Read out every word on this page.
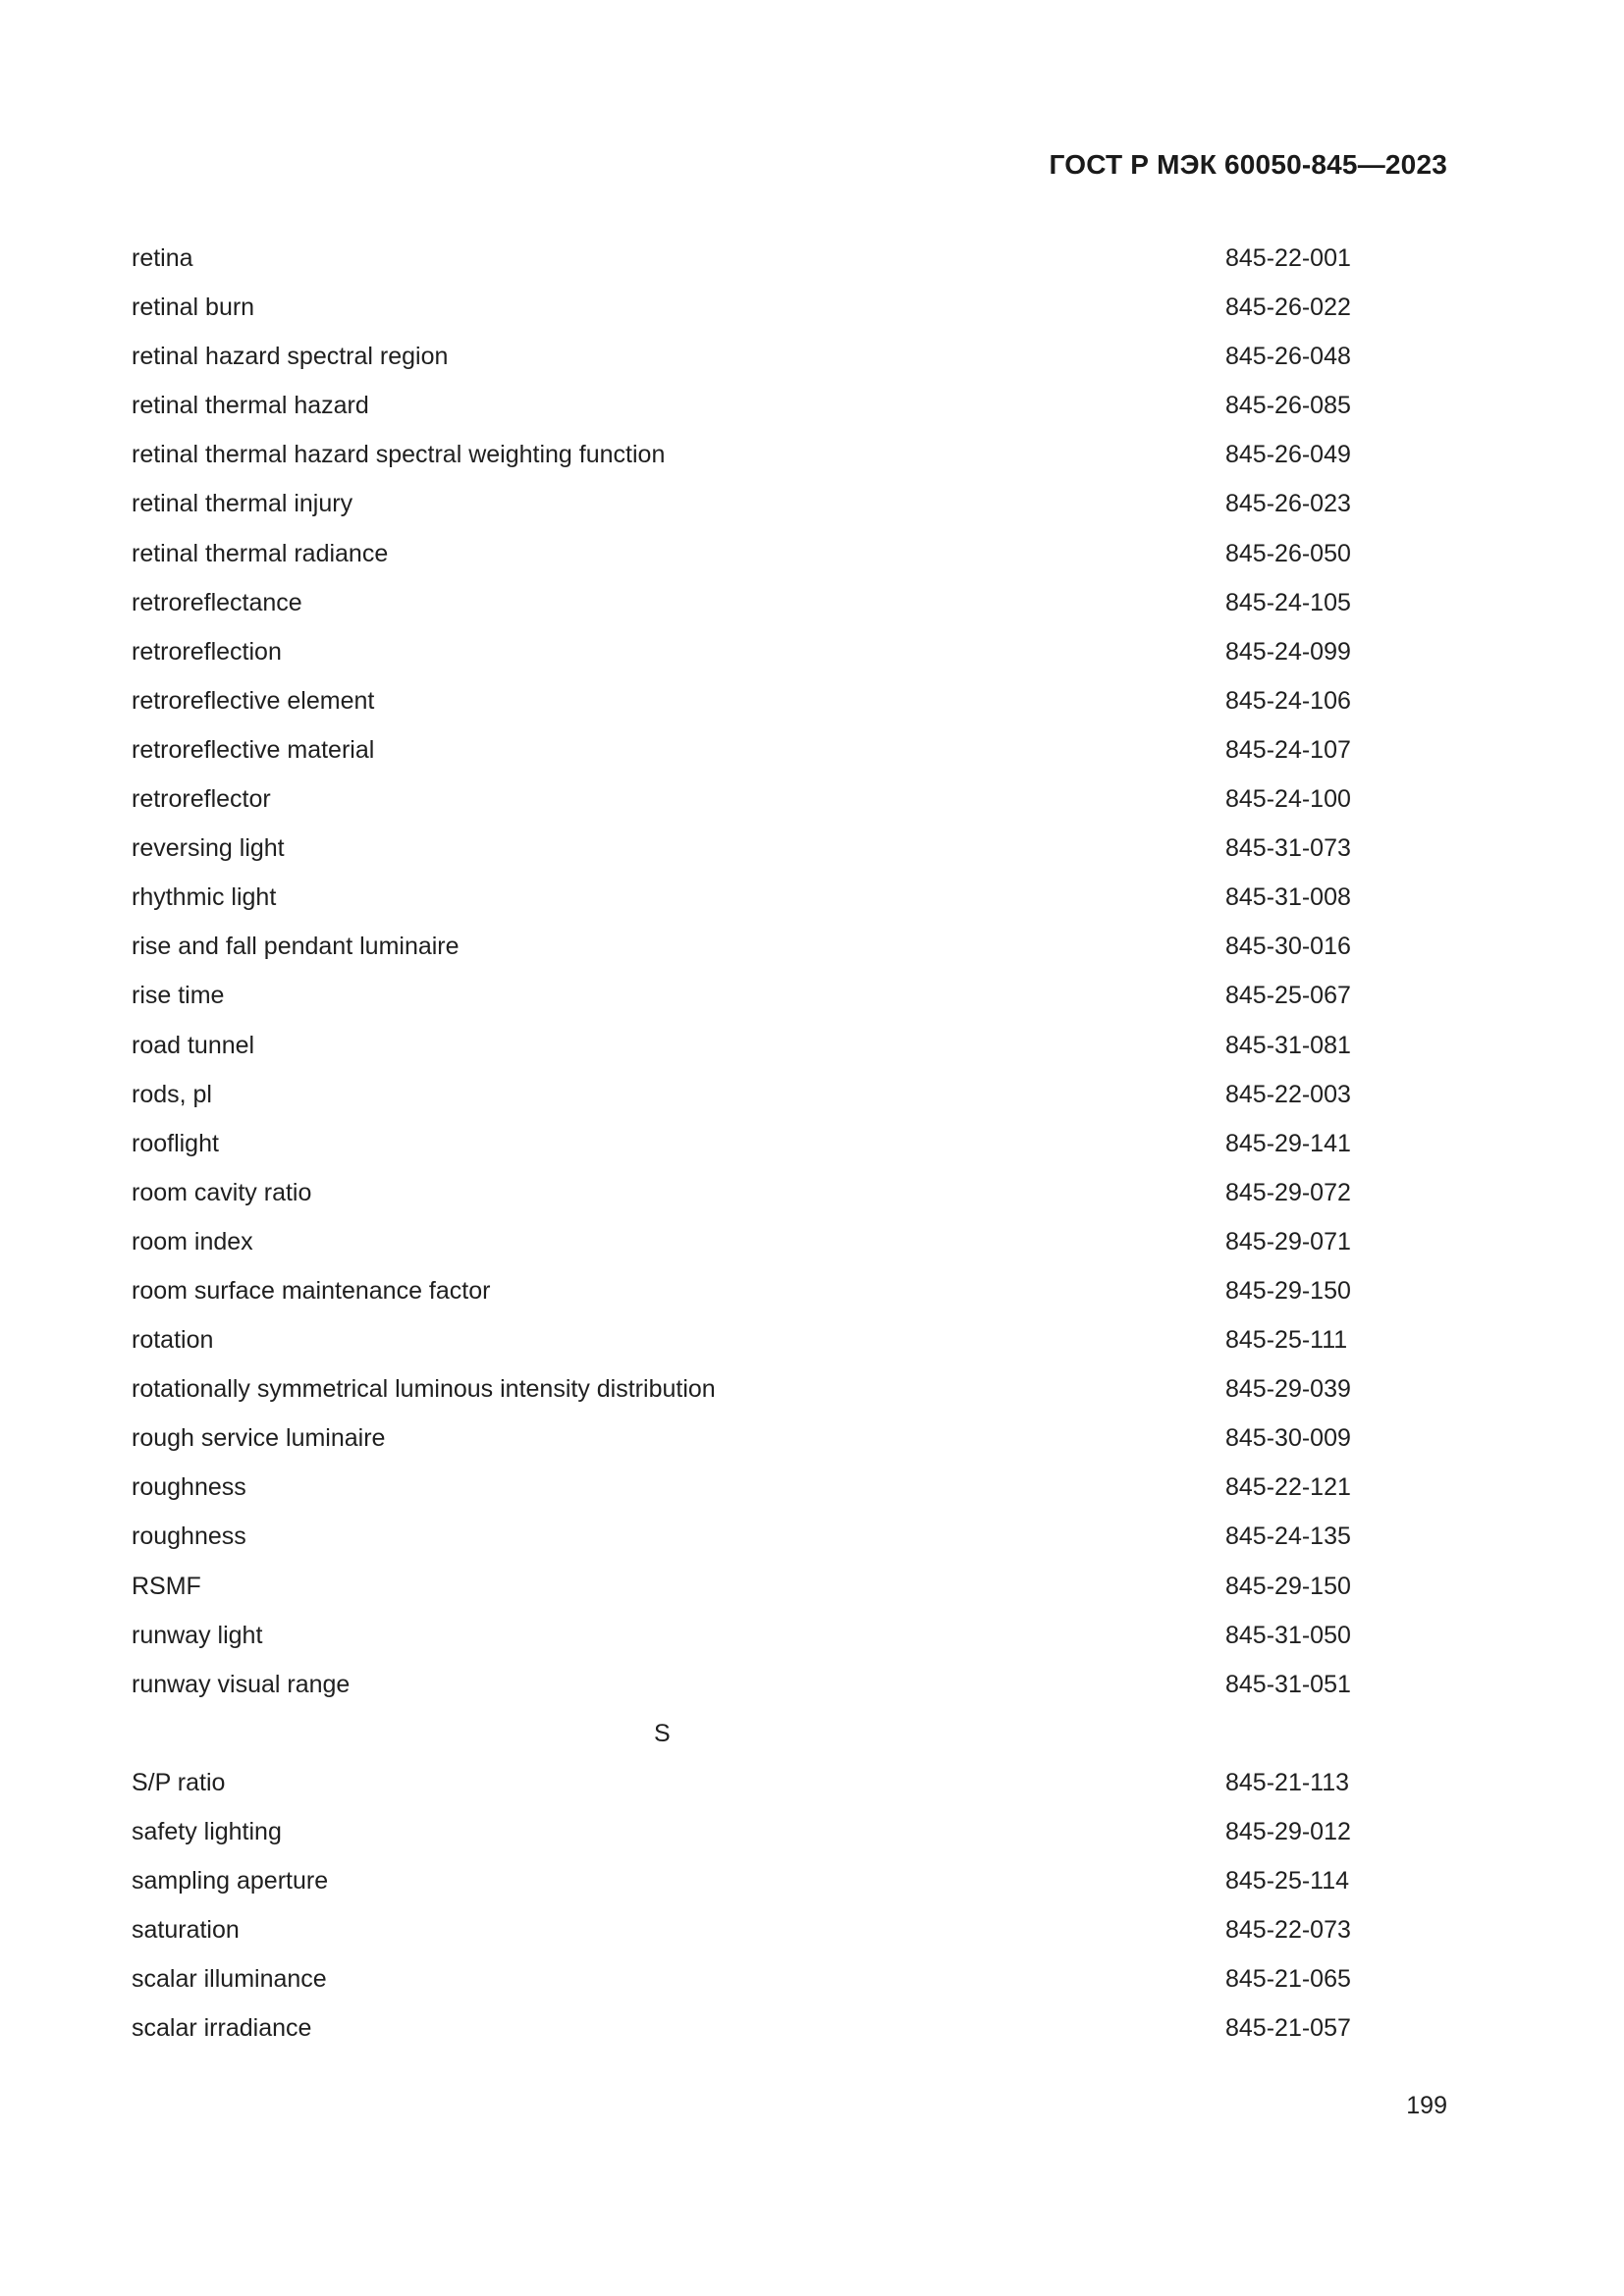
ГОСТ Р МЭК 60050-845—2023
retina	845-22-001
retinal burn	845-26-022
retinal hazard spectral region	845-26-048
retinal thermal hazard	845-26-085
retinal thermal hazard spectral weighting function	845-26-049
retinal thermal injury	845-26-023
retinal thermal radiance	845-26-050
retroreflectance	845-24-105
retroreflection	845-24-099
retroreflective element	845-24-106
retroreflective material	845-24-107
retroreflector	845-24-100
reversing light	845-31-073
rhythmic light	845-31-008
rise and fall pendant luminaire	845-30-016
rise time	845-25-067
road tunnel	845-31-081
rods, pl	845-22-003
rooflight	845-29-141
room cavity ratio	845-29-072
room index	845-29-071
room surface maintenance factor	845-29-150
rotation	845-25-111
rotationally symmetrical luminous intensity distribution	845-29-039
rough service luminaire	845-30-009
roughness	845-22-121
roughness	845-24-135
RSMF	845-29-150
runway light	845-31-050
runway visual range	845-31-051
S
S/P ratio	845-21-113
safety lighting	845-29-012
sampling aperture	845-25-114
saturation	845-22-073
scalar illuminance	845-21-065
scalar irradiance	845-21-057
199
